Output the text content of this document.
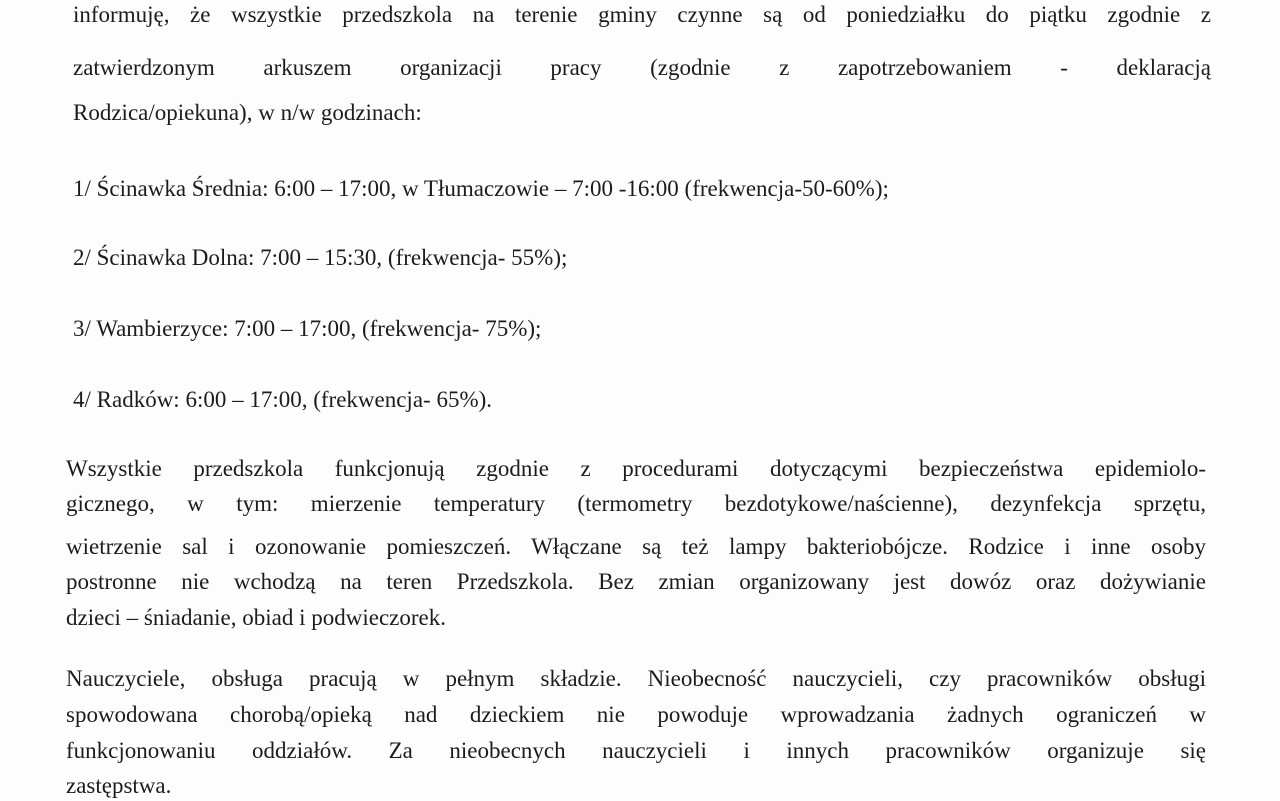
informuję, że wszystkie przedszkola na terenie gminy czynne są od poniedziałku do piątku zgodnie z
zatwierdzonym arkuszem organizacji pracy (zgodnie z zapotrzebowaniem - deklaracją
Rodzica/opiekuna), w n/w godzinach:
1/ Ścinawka Średnia: 6:00 – 17:00, w Tłumaczowie – 7:00 -16:00 (frekwencja-50-60%);
2/ Ścinawka Dolna: 7:00 – 15:30, (frekwencja- 55%);
3/ Wambierzyce: 7:00 – 17:00, (frekwencja- 75%);
4/ Radków: 6:00 – 17:00, (frekwencja- 65%).
Wszystkie przedszkola funkcjonują zgodnie z procedurami dotyczącymi bezpieczeństwa epidemiolo-
gicznego, w tym: mierzenie temperatury (termometry bezdotykowe/naścienne), dezynfekcja sprzętu,
wietrzenie sal i ozonowanie pomieszczeń. Włączane są też lampy bakteriobójcze. Rodzice i inne osoby
postronne nie wchodzą na teren Przedszkola. Bez zmian organizowany jest dowóz oraz dożywianie
dzieci – śniadanie, obiad i podwieczorek.
Nauczyciele, obsługa pracują w pełnym składzie. Nieobecność nauczycieli, czy pracowników obsługi
spowodowana chorobą/opieką nad dzieckiem nie powoduje wprowadzania żadnych ograniczeń w
funkcjonowaniu oddziałów. Za nieobecnych nauczycieli i innych pracowników organizuje się
zastępstwa.
